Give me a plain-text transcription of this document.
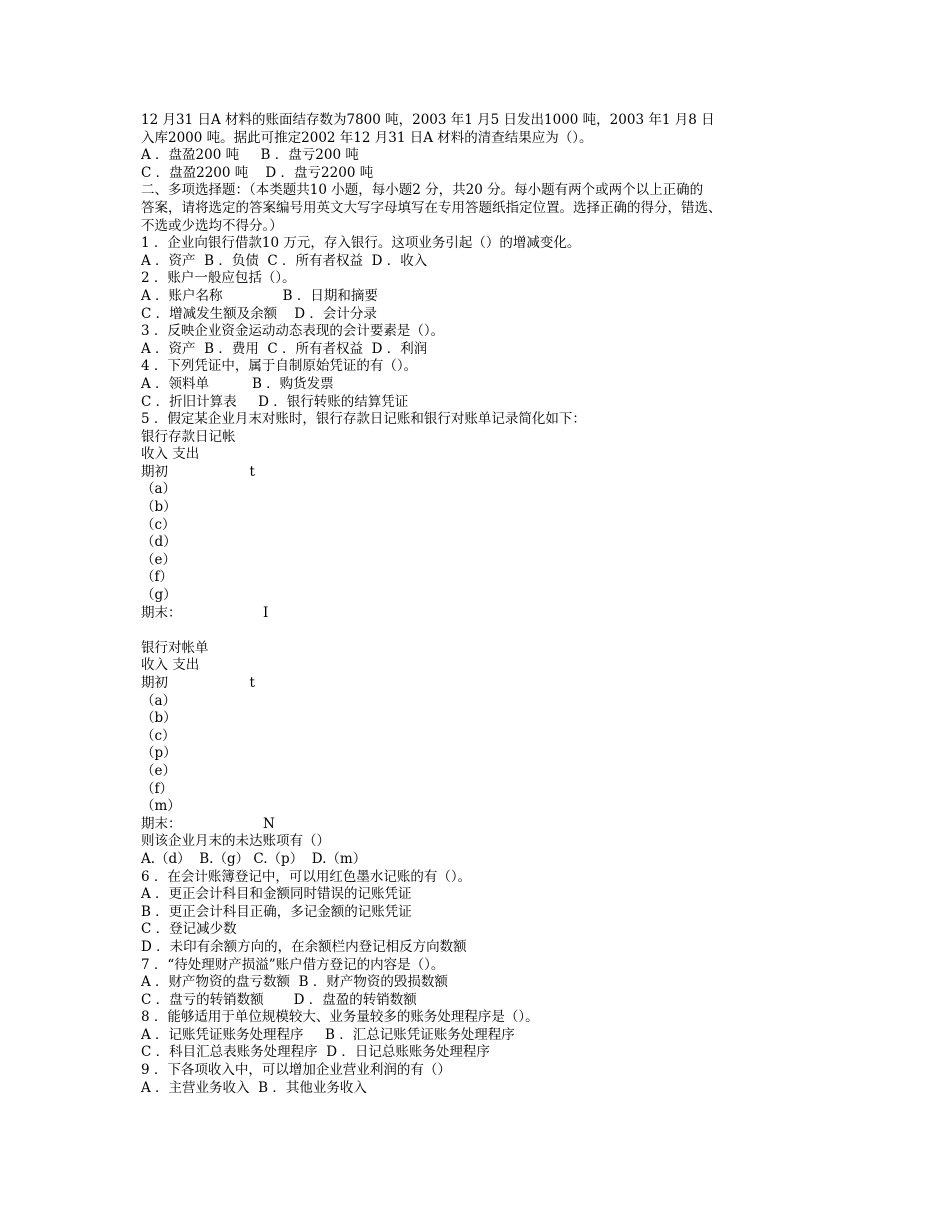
12 月31 日A 材料的账面结存数为7800 吨，2003 年1 月5 日发出1000 吨，2003 年1 月8 日
入库2000 吨。据此可推定2002 年12 月31 日A 材料的清查结果应为（）。
A ．盘盈200 吨     B ．盘亏200 吨
C ．盘盈2200 吨    D ．盘亏2200 吨
二、多项选择题：（本类题共10 小题，每小题2 分，共20 分。每小题有两个或两个以上正确的
答案，请将选定的答案编号用英文大写字母填写在专用答题纸指定位置。选择正确的得分，错选、
不选或少选均不得分。）
1 ．企业向银行借款10 万元，存入银行。这项业务引起（）的增减变化。
A ．资产  B ．负债  C ．所有者权益  D ．收入
2 ．账户一般应包括（）。
A ．账户名称              B ．日期和摘要
C ．增减发生额及余额    D ．会计分录
3 ．反映企业资金运动动态表现的会计要素是（）。
A ．资产  B ．费用  C ．所有者权益  D ．利润
4 ．下列凭证中，属于自制原始凭证的有（）。
A ．领料单          B ．购货发票
C ．折旧计算表     D ．银行转账的结算凭证
5 ．假定某企业月末对账时，银行存款日记账和银行对账单记录简化如下：
银行存款日记帐
收入 支出
期初                   t
（a）
（b）
（c）
（d）
（e）
（f）
（g）
期末：                   I
银行对帐单
收入 支出
期初                   t
（a）
（b）
（c）
（p）
（e）
（f）
（m）
期末：                   N
则该企业月末的未达账项有（）
A.（d）  B.（g） C.（p）  D.（m）
6 ．在会计账簿登记中，可以用红色墨水记账的有（）。
A ．更正会计科目和金额同时错误的记账凭证
B ．更正会计科目正确，多记金额的记账凭证
C ．登记减少数
D ．未印有余额方向的，在余额栏内登记相反方向数额
7 ．“待处理财产损溢”账户借方登记的内容是（）。
A ．财产物资的盘亏数额  B ．财产物资的毁损数额
C ．盘亏的转销数额       D ．盘盈的转销数额
8 ．能够适用于单位规模较大、业务量较多的账务处理程序是（）。
A ．记账凭证账务处理程序     B ．汇总记账凭证账务处理程序
C ．科目汇总表账务处理程序  D ．日记总账账务处理程序
9 ．下各项收入中，可以增加企业营业利润的有（）
A ．主营业务收入  B ．其他业务收入
